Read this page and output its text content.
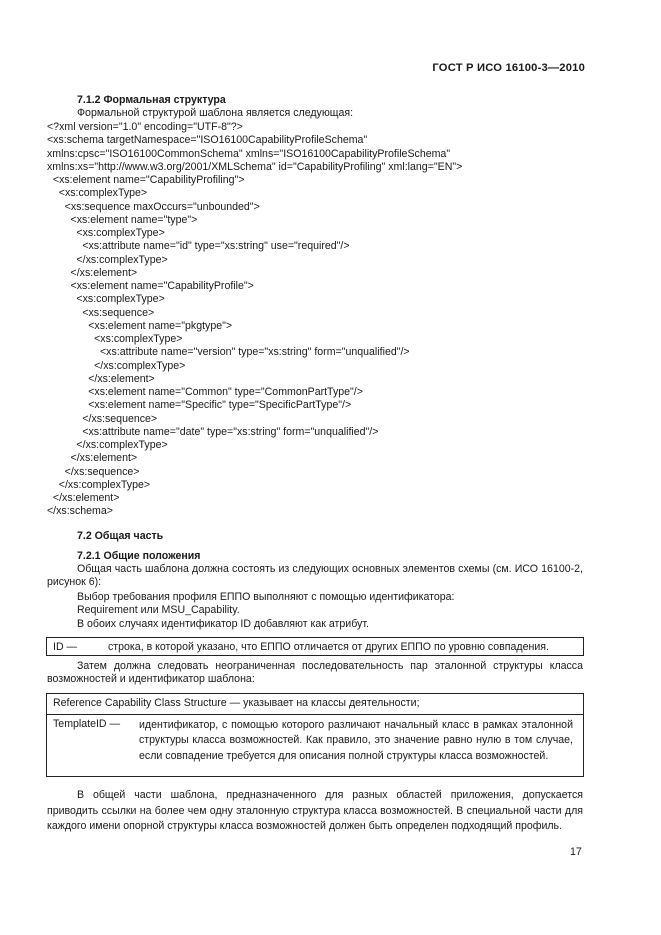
ГОСТ Р ИСО 16100-3—2010
7.1.2 Формальная структура
Формальной структурой шаблона является следующая:
<?xml version="1.0" encoding="UTF-8"?>
<xs:schema targetNamespace="ISO16100CapabilityProfileSchema"
xmlns:cpsc="ISO16100CommonSchema" xmlns="ISO16100CapabilityProfileSchema"
xmlns:xs="http://www.w3.org/2001/XMLSchema" id="CapabilityProfiling" xml:lang="EN">
<xs:element name="CapabilityProfiling">
<xs:complexType>
<xs:sequence maxOccurs="unbounded">
<xs:element name="type">
<xs:complexType>
<xs:attribute name="id" type="xs:string" use="required"/>
</xs:complexType>
</xs:element>
<xs:element name="CapabilityProfile">
<xs:complexType>
<xs:sequence>
<xs:element name="pkgtype">
<xs:complexType>
<xs:attribute name="version" type="xs:string" form="unqualified"/>
</xs:complexType>
</xs:element>
<xs:element name="Common" type="CommonPartType"/>
<xs:element name="Specific" type="SpecificPartType"/>
</xs:sequence>
<xs:attribute name="date" type="xs:string" form="unqualified"/>
</xs:complexType>
</xs:element>
</xs:sequence>
</xs:complexType>
</xs:element>
</xs:schema>
7.2 Общая часть
7.2.1 Общие положения
Общая часть шаблона должна состоять из следующих основных элементов схемы (см. ИСО 16100-2, рисунок 6):
Выбор требования профиля ЕППО выполняют с помощью идентификатора:
Requirement или MSU_Capability.
В обоих случаях идентификатор ID добавляют как атрибут.
ID —	строка, в которой указано, что ЕППО отличается от других ЕППО по уровню совпадения.
Затем должна следовать неограниченная последовательность пар эталонной структуры класса возможностей и идентификатор шаблона:
Reference Capability Class Structure — указывает на классы деятельности;
TemplateID — идентификатор, с помощью которого различают начальный класс в рамках эталонной структуры класса возможностей. Как правило, это значение равно нулю в том случае, если совпадение требуется для описания полной структуры класса возможностей.
В общей части шаблона, предназначенного для разных областей приложения, допускается приводить ссылки на более чем одну эталонную структура класса возможностей. В специальной части для каждого имени опорной структуры класса возможностей должен быть определен подходящий профиль.
17
